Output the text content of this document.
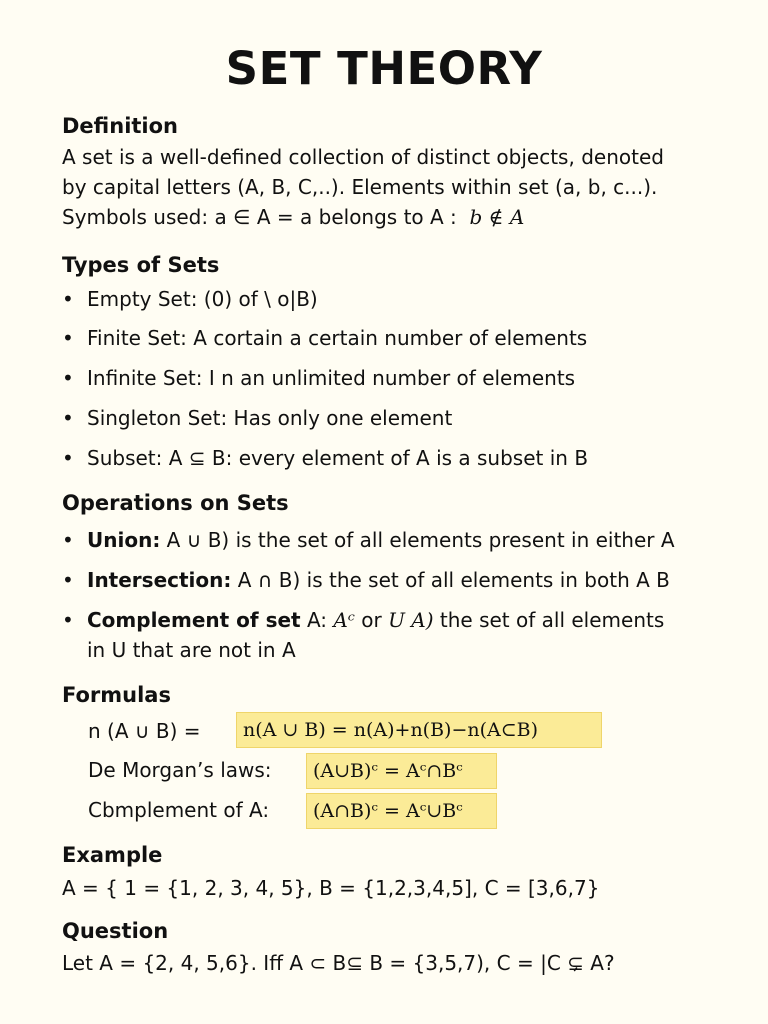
SET THEORY
Definition
A set is a well-defined collection of distinct objects, denoted
by capital letters (A, B, C,..). Elements within set (a, b, c...).
Symbols used: a ∈ A = a belongs to A : b ∉ A
Types of Sets
• Empty Set: (0) of \ o|B)
• Finite Set: A cortain a certain number of elements
• Infinite Set: I n an unlimited number of elements
• Singleton Set: Has only one element
• Subset: A ⊆ B: every element of A is a subset in B
Operations on Sets
• Union: A ∪ B) is the set of all elements present in either A
• Intersection: A ∩ B) is the set of all elements in both A B
• Complement of set A: Aᶜ or U A) the set of all elements
in U that are not in A
Formulas
n (A ∪ B) =	n(A ∪ B) = n(A)+n(B)−n(A⊂B)
De Morgan’s laws:	(A∪B)ᶜ = Aᶜ∩Bᶜ
Cbmplement of A:	(A∩B)ᶜ = Aᶜ∪Bᶜ
Example
A = { 1 = {1, 2, 3, 4, 5}, B = {1,2,3,4,5], C = [3,6,7}
Question
Let A = {2, 4, 5,6}. Iff A ⊂ B⊆ B = {3,5,7), C = |C ⊊ A?
